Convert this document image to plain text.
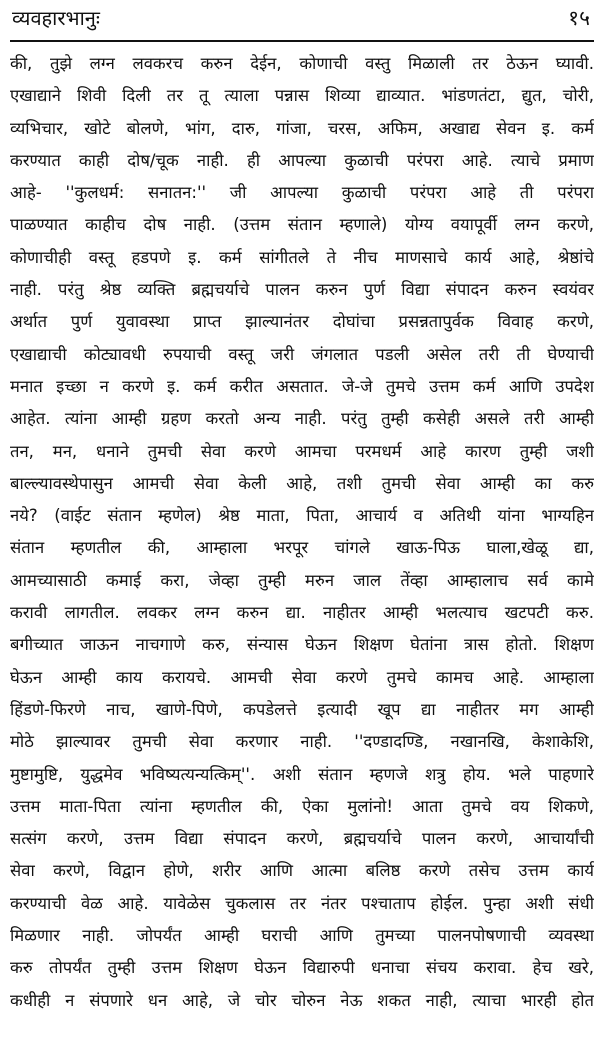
व्यवहारभानुः	१५
की, तुझे लग्न लवकरच करुन देईन, कोणाची वस्तु मिळाली तर ठेऊन घ्यावी.
एखाद्याने शिवी दिली तर तू त्याला पन्नास शिव्या द्याव्यात. भांडणतंटा, द्युत, चोरी,
व्यभिचार, खोटे बोलणे, भांग, दारु, गांजा, चरस, अफिम, अखाद्य सेवन इ. कर्म
करण्यात काही दोष/चूक नाही. ही आपल्या कुळाची परंपरा आहे. त्याचे प्रमाण
आहे- ''कुलधर्म: सनातन:'' जी आपल्या कुळाची परंपरा आहे ती परंपरा
पाळण्यात काहीच दोष नाही. (उत्तम संतान म्हणाले) योग्य वयापूर्वी लग्न करणे,
कोणाचीही वस्तू हडपणे इ. कर्म सांगीतले ते नीच माणसाचे कार्य आहे, श्रेष्ठांचे
नाही. परंतु श्रेष्ठ व्यक्ति ब्रह्मचर्याचे पालन करुन पुर्ण विद्या संपादन करुन स्वयंवर
अर्थात पुर्ण युवावस्था प्राप्त झाल्यानंतर दोघांचा प्रसन्नतापुर्वक विवाह करणे,
एखाद्याची कोट्यावधी रुपयाची वस्तू जरी जंगलात पडली असेल तरी ती घेण्याची
मनात इच्छा न करणे इ. कर्म करीत असतात. जे-जे तुमचे उत्तम कर्म आणि उपदेश
आहेत. त्यांना आम्ही ग्रहण करतो अन्य नाही. परंतु तुम्ही कसेही असले तरी आम्ही
तन, मन, धनाने तुमची सेवा करणे आमचा परमधर्म आहे कारण तुम्ही जशी
बाल्ल्यावस्थेपासुन आमची सेवा केली आहे, तशी तुमची सेवा आम्ही का करु
नये? (वाईट संतान म्हणेल) श्रेष्ठ माता, पिता, आचार्य व अतिथी यांना भाग्यहिन
संतान म्हणतील की, आम्हाला भरपूर चांगले खाऊ-पिऊ घाला,खेळू द्या,
आमच्यासाठी कमाई करा, जेव्हा तुम्ही मरुन जाल तेंव्हा आम्हालाच सर्व कामे
करावी लागतील. लवकर लग्न करुन द्या. नाहीतर आम्ही भलत्याच खटपटी करु.
बगीच्यात जाऊन नाचगाणे करु, संन्यास घेऊन शिक्षण घेतांना त्रास होतो. शिक्षण
घेऊन आम्ही काय करायचे. आमची सेवा करणे तुमचे कामच आहे. आम्हाला
हिंडणे-फिरणे नाच, खाणे-पिणे, कपडेलत्ते इत्यादी खूप द्या नाहीतर मग आम्ही
मोठे झाल्यावर तुमची सेवा करणार नाही. ''दण्डादण्डि, नखानखि, केशाकेशि,
मुष्टामुष्टि, युद्धमेव भविष्यत्यन्यत्किम्''. अशी संतान म्हणजे शत्रु होय. भले पाहणारे
उत्तम माता-पिता त्यांना म्हणतील की, ऐका मुलांनो! आता तुमचे वय शिकणे,
सत्संग करणे, उत्तम विद्या संपादन करणे, ब्रह्मचर्याचे पालन करणे, आचार्यांची
सेवा करणे, विद्वान होणे, शरीर आणि आत्मा बलिष्ठ करणे तसेच उत्तम कार्य
करण्याची वेळ आहे. यावेळेस चुकलास तर नंतर पश्चाताप होईल. पुन्हा अशी संधी
मिळणार नाही. जोपर्यंत आम्ही घराची आणि तुमच्या पालनपोषणाची व्यवस्था
करु तोपर्यंत तुम्ही उत्तम शिक्षण घेऊन विद्यारुपी धनाचा संचय करावा. हेच खरे,
कधीही न संपणारे धन आहे, जे चोर चोरुन नेऊ शकत नाही, त्याचा भारही होत
